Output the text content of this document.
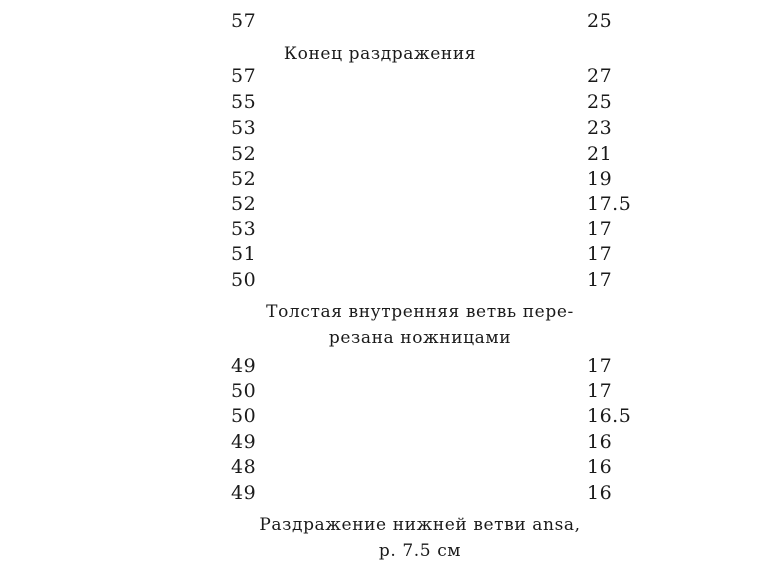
57	25
Конец раздражения
57	27
55	25
53	23
52	21
52	19
52	17.5
53	17
51	17
50	17
Толстая внутренняя ветвь пере-
резана ножницами
49	17
50	17
50	16.5
49	16
48	16
49	16
Раздражение нижней ветви ansa,
p. 7.5 см
